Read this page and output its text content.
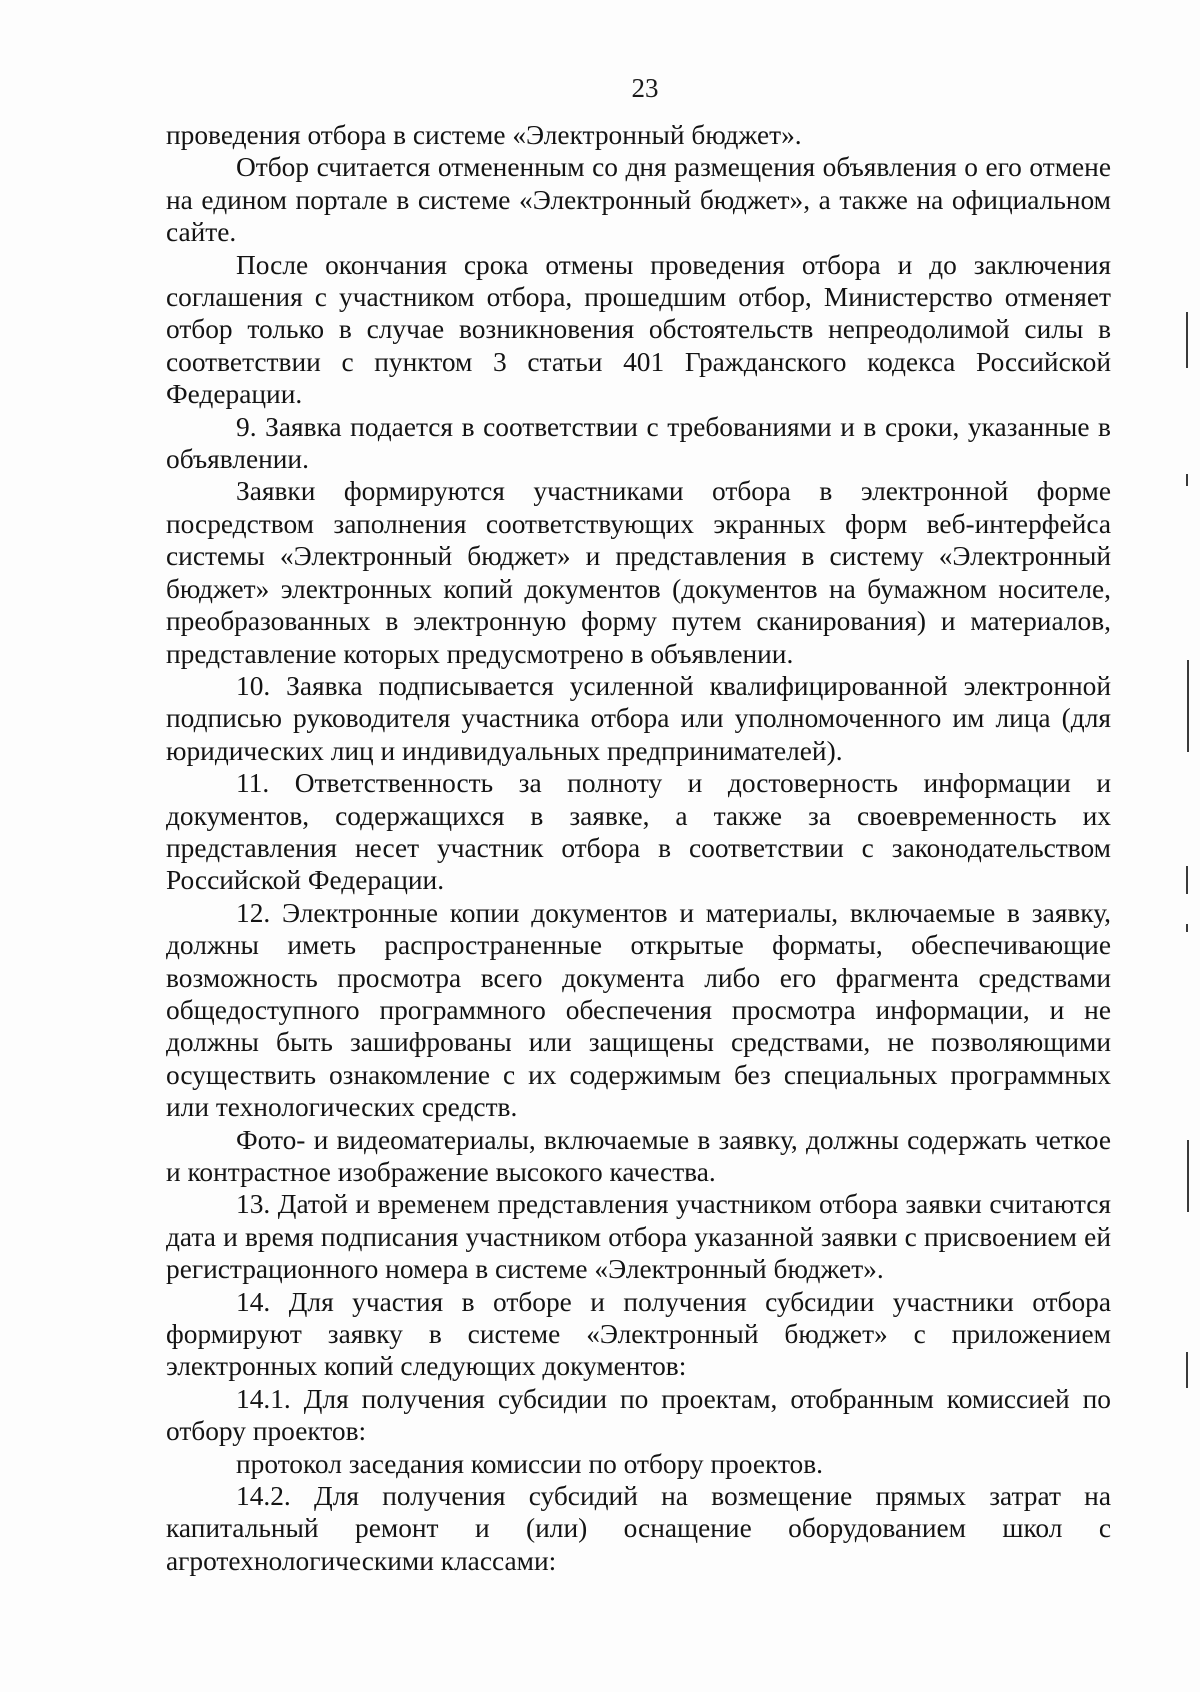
23

проведения отбора в системе «Электронный бюджет».

Отбор считается отмененным со дня размещения объявления о его отмене на едином портале в системе «Электронный бюджет», а также на официальном сайте.

После окончания срока отмены проведения отбора и до заключения соглашения с участником отбора, прошедшим отбор, Министерство отменяет отбор только в случае возникновения обстоятельств непреодолимой силы в соответствии с пунктом 3 статьи 401 Гражданского кодекса Российской Федерации.

9. Заявка подается в соответствии с требованиями и в сроки, указанные в объявлении.

Заявки формируются участниками отбора в электронной форме посредством заполнения соответствующих экранных форм веб-интерфейса системы «Электронный бюджет» и представления в систему «Электронный бюджет» электронных копий документов (документов на бумажном носителе, преобразованных в электронную форму путем сканирования) и материалов, представление которых предусмотрено в объявлении.

10. Заявка подписывается усиленной квалифицированной электронной подписью руководителя участника отбора или уполномоченного им лица (для юридических лиц и индивидуальных предпринимателей).

11. Ответственность за полноту и достоверность информации и документов, содержащихся в заявке, а также за своевременность их представления несет участник отбора в соответствии с законодательством Российской Федерации.

12. Электронные копии документов и материалы, включаемые в заявку, должны иметь распространенные открытые форматы, обеспечивающие возможность просмотра всего документа либо его фрагмента средствами общедоступного программного обеспечения просмотра информации, и не должны быть зашифрованы или защищены средствами, не позволяющими осуществить ознакомление с их содержимым без специальных программных или технологических средств.

Фото- и видеоматериалы, включаемые в заявку, должны содержать четкое и контрастное изображение высокого качества.

13. Датой и временем представления участником отбора заявки считаются дата и время подписания участником отбора указанной заявки с присвоением ей регистрационного номера в системе «Электронный бюджет».

14. Для участия в отборе и получения субсидии участники отбора формируют заявку в системе «Электронный бюджет» с приложением электронных копий следующих документов:

14.1. Для получения субсидии по проектам, отобранным комиссией по отбору проектов:

протокол заседания комиссии по отбору проектов.

14.2. Для получения субсидий на возмещение прямых затрат на капитальный ремонт и (или) оснащение оборудованием школ с агротехнологическими классами:
